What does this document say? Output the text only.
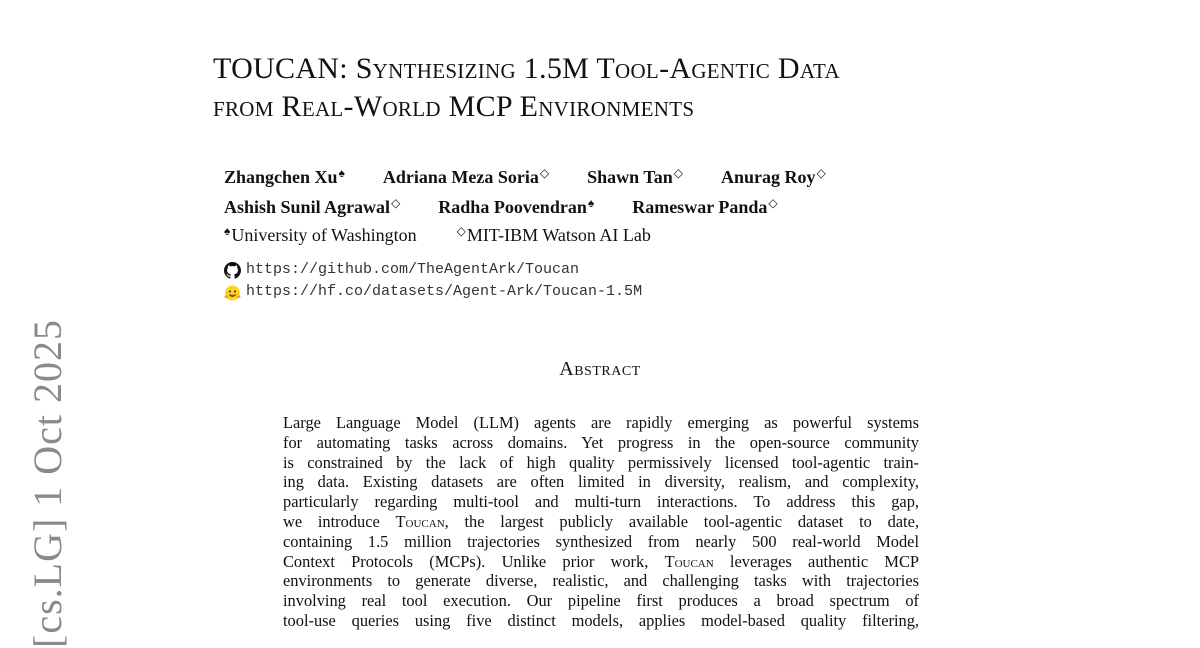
[cs.LG] 1 Oct 2025
TOUCAN: Synthesizing 1.5M Tool-Agentic Data
from Real-World MCP Environments
Zhangchen Xu♠ Adriana Meza Soria◇ Shawn Tan◇ Anurag Roy◇
Ashish Sunil Agrawal◇ Radha Poovendran♠ Rameswar Panda◇
♠University of Washington	◇MIT-IBM Watson AI Lab
https://github.com/TheAgentArk/Toucan
https://hf.co/datasets/Agent-Ark/Toucan-1.5M
Abstract
Large Language Model (LLM) agents are rapidly emerging as powerful systems
for automating tasks across domains. Yet progress in the open-source community
is constrained by the lack of high quality permissively licensed tool-agentic train-
ing data. Existing datasets are often limited in diversity, realism, and complexity,
particularly regarding multi-tool and multi-turn interactions. To address this gap,
we introduce Toucan, the largest publicly available tool-agentic dataset to date,
containing 1.5 million trajectories synthesized from nearly 500 real-world Model
Context Protocols (MCPs). Unlike prior work, Toucan leverages authentic MCP
environments to generate diverse, realistic, and challenging tasks with trajectories
involving real tool execution. Our pipeline first produces a broad spectrum of
tool-use queries using five distinct models, applies model-based quality filtering,
